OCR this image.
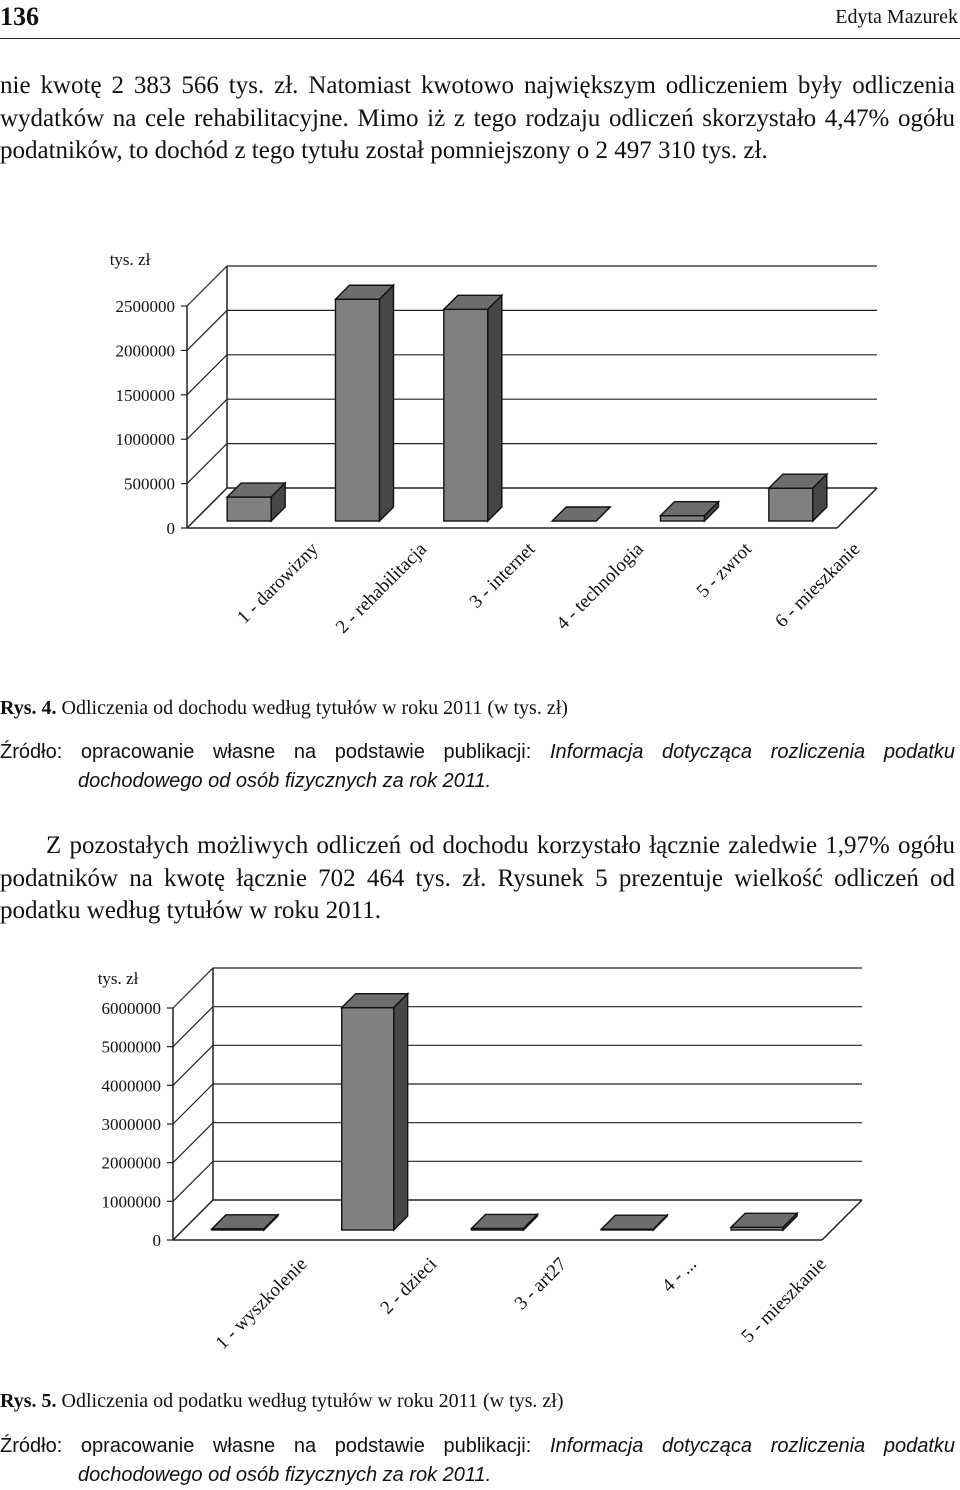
136	Edyta Mazurek

nie kwotę 2 383 566 tys. zł. Natomiast kwotowo największym odliczeniem były odliczenia wydatków na cele rehabilitacyjne. Mimo iż z tego rodzaju odliczeń skorzystało 4,47% ogółu podatników, to dochód z tego tytułu został pomniejszony o 2 497 310 tys. zł.

0
500000
1000000
1500000
2000000
2500000
tys. zł
1 - darowizny 2 - rehabilitacja 3 - internet 4 - technologia 5 - zwrot 6 - mieszkanie
Rys. 4. Odliczenia od dochodu według tytułów w roku 2011 (w tys. zł)
Źródło: opracowanie własne na podstawie publikacji: Informacja dotycząca rozliczenia podatku dochodowego od osób fizycznych za rok 2011.

Z pozostałych możliwych odliczeń od dochodu korzystało łącznie zaledwie 1,97% ogółu podatników na kwotę łącznie 702 464 tys. zł. Rysunek 5 prezentuje wielkość odliczeń od podatku według tytułów w roku 2011.

0
1000000
2000000
3000000
4000000
5000000
6000000
tys. zł
1 - wyszkolenie	2 - dzieci	3 - art27	4 - ... 5 - mieszkanie
Rys. 5. Odliczenia od podatku według tytułów w roku 2011 (w tys. zł)
Źródło: opracowanie własne na podstawie publikacji: Informacja dotycząca rozliczenia podatku dochodowego od osób fizycznych za rok 2011.
